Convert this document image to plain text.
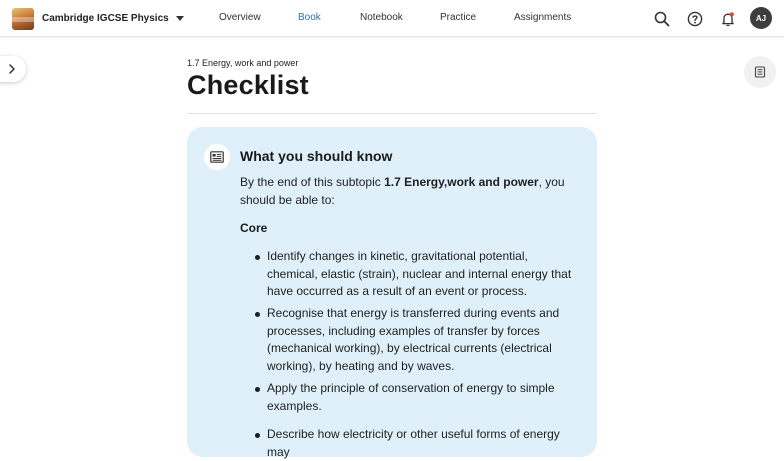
Cambridge IGCSE Physics	Overview	Book	Notebook	Practice	Assignments	AJ
1.7 Energy, work and power
Checklist
What you should know

By the end of this subtopic 1.7 Energy,work and power, you should be able to:

Core
Identify changes in kinetic, gravitational potential, chemical, elastic (strain), nuclear and internal energy that have occurred as a result of an event or process.
Recognise that energy is transferred during events and processes, including examples of transfer by forces (mechanical working), by electrical currents (electrical working), by heating and by waves.
Apply the principle of conservation of energy to simple examples.
Describe how electricity or other useful forms of energy may
